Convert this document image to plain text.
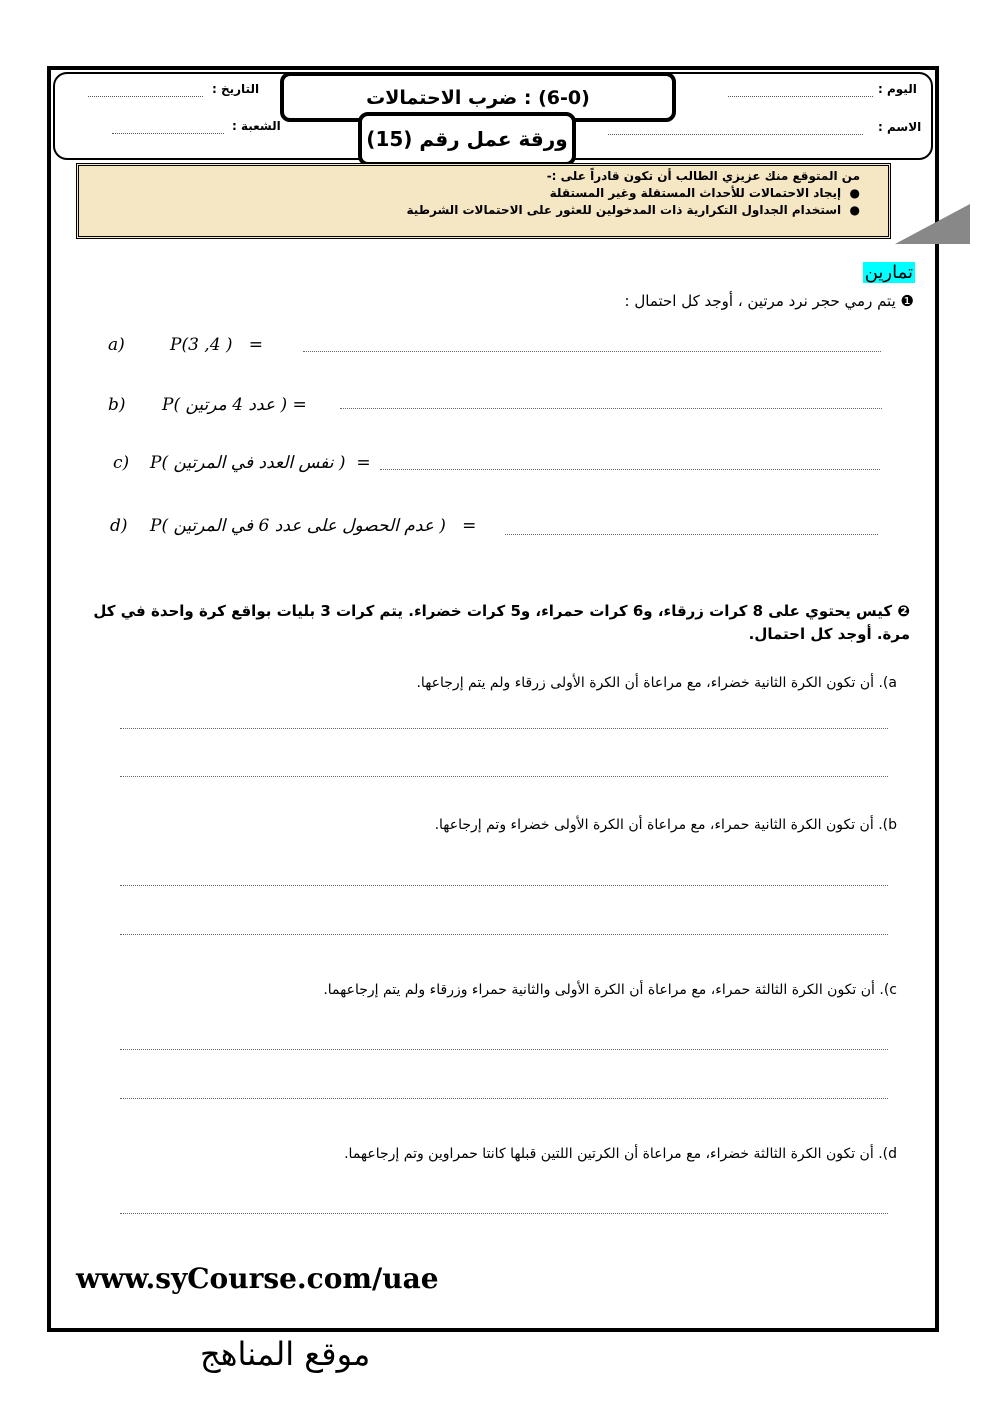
اليوم :
الاسم :
التاريخ :
الشعبة :
(6-0) : ضرب الاحتمالات
ورقة عمل رقم (15)
من المتوقع منك عزيزي الطالب أن تكون قادراً على :-
●  إيجاد الاحتمالات للأحداث المستقلة وغير المستقلة
●  استخدام الجداول التكرارية ذات المدخولين للعثور على الاحتمالات الشرطية
تمارين
❶ يتم رمي حجر نرد مرتين ، أوجد كل احتمال :
a)	P(3 ,4 )   =
b) P( عدد 4 مرتين ) =
c) P( نفس العدد في المرتين )  =
d) P( عدم الحصول على عدد 6 في المرتين )   =
❷ كيس يحتوي على 8 كرات زرقاء، و6 كرات حمراء، و5 كرات خضراء. يتم كرات 3 بليات بواقع كرة واحدة في كل مرة. أوجد كل احتمال.
a). أن تكون الكرة الثانية خضراء، مع مراعاة أن الكرة الأولى زرقاء ولم يتم إرجاعها.
b). أن تكون الكرة الثانية حمراء، مع مراعاة أن الكرة الأولى خضراء وتم إرجاعها.
c). أن تكون الكرة الثالثة حمراء، مع مراعاة أن الكرة الأولى والثانية حمراء وزرقاء ولم يتم إرجاعهما.
d). أن تكون الكرة الثالثة خضراء، مع مراعاة أن الكرتين اللتين قبلها كانتا حمراوين وتم إرجاعهما.
www.syCourse.com/uae
موقع المناهج
